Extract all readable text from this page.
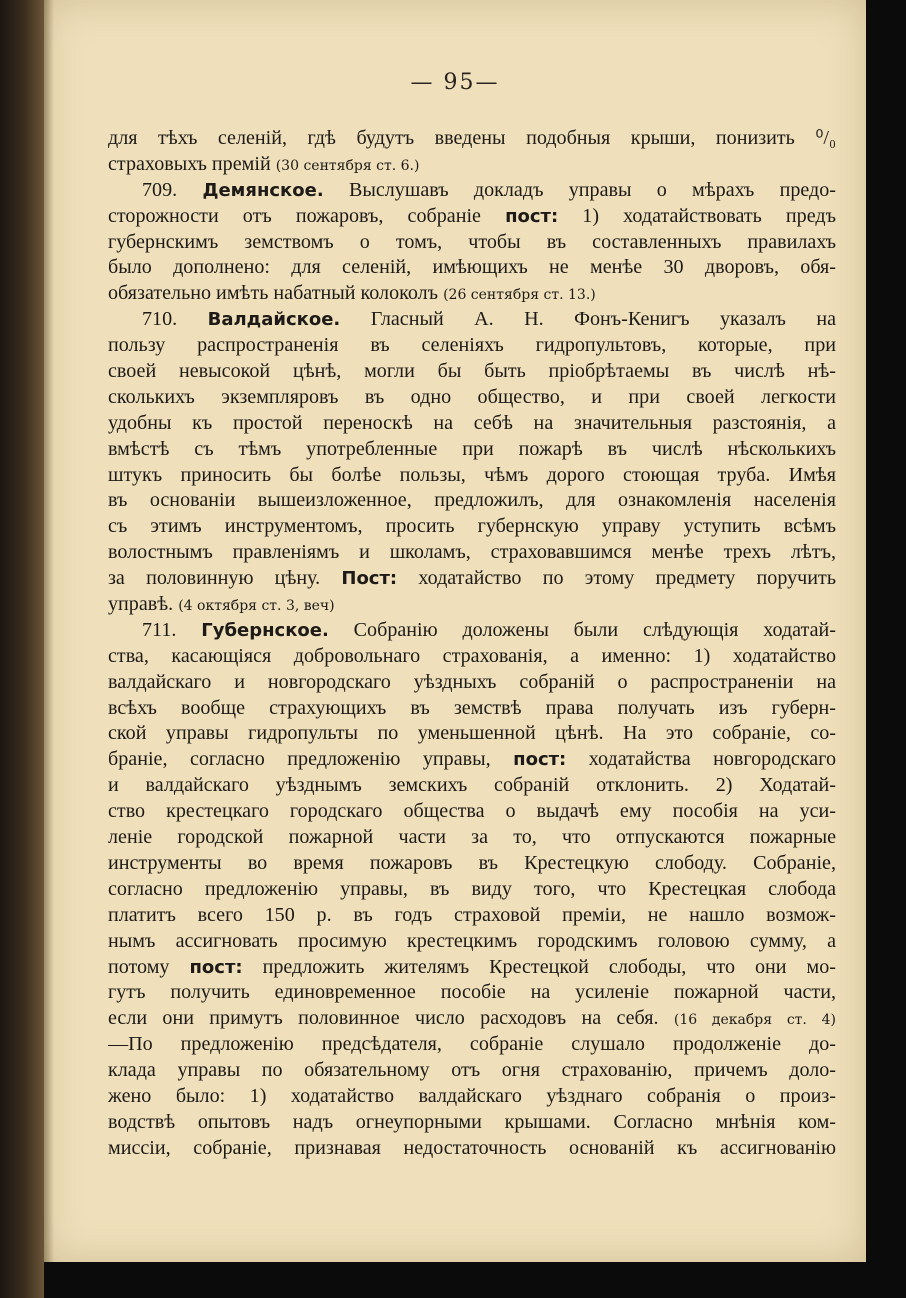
— 95—
для тѣхъ селеній, гдѣ будутъ введены подобныя крыши, понизить ⁰/₀
страховыхъ премій (30 сентября ст. 6.)
709. Демянское. Выслушавъ докладъ управы о мѣрахъ предо-
сторожности отъ пожаровъ, собраніе пост: 1) ходатайствовать предъ
губернскимъ земствомъ о томъ, чтобы въ составленныхъ правилахъ
было дополнено: для селеній, имѣющихъ не менѣе 30 дворовъ, обя-
обязательно имѣть набатный колоколъ (26 сентября ст. 13.)
710. Валдайское. Гласный А. Н. Фонъ-Кенигъ указалъ на
пользу распространенія въ селеніяхъ гидропультовъ, которые, при
своей невысокой цѣнѣ, могли бы быть пріобрѣтаемы въ числѣ нѣ-
сколькихъ экземпляровъ въ одно общество, и при своей легкости
удобны къ простой переноскѣ на себѣ на значительныя разстоянія, а
вмѣстѣ съ тѣмъ употребленные при пожарѣ въ числѣ нѣсколькихъ
штукъ приносить бы болѣе пользы, чѣмъ дорого стоющая труба. Имѣя
въ основаніи вышеизложенное, предложилъ, для ознакомленія населенія
съ этимъ инструментомъ, просить губернскую управу уступить всѣмъ
волостнымъ правленіямъ и школамъ, страховавшимся менѣе трехъ лѣтъ,
за половинную цѣну. Пост: ходатайство по этому предмету поручить
управѣ. (4 октября ст. 3, веч)
711. Губернское. Собранію доложены были слѣдующія ходатай-
ства, касающіяся добровольнаго страхованія, а именно: 1) ходатайство
валдайскаго и новгородскаго уѣздныхъ собраній о распространеніи на
всѣхъ вообще страхующихъ въ земствѣ права получать изъ губерн-
ской управы гидропульты по уменьшенной цѣнѣ. На это собраніе, со-
браніе, согласно предложенію управы, пост: ходатайства новгородскаго
и валдайскаго уѣзднымъ земскихъ собраній отклонить. 2) Ходатай-
ство крестецкаго городскаго общества о выдачѣ ему пособія на уси-
леніе городской пожарной части за то, что отпускаются пожарные
инструменты во время пожаровъ въ Крестецкую слободу. Собраніе,
согласно предложенію управы, въ виду того, что Крестецкая слобода
платитъ всего 150 р. въ годъ страховой преміи, не нашло возмож-
нымъ ассигновать просимую крестецкимъ городскимъ головою сумму, а
потому пост: предложить жителямъ Крестецкой слободы, что они мо-
гутъ получить единовременное пособіе на усиленіе пожарной части,
если они примутъ половинное число расходовъ на себя. (16 декабря ст. 4)
—По предложенію предсѣдателя, собраніе слушало продолженіе до-
клада управы по обязательному отъ огня страхованію, причемъ доло-
жено было: 1) ходатайство валдайскаго уѣзднаго собранія о произ-
водствѣ опытовъ надъ огнеупорными крышами. Согласно мнѣнія ком-
миссіи, собраніе, признавая недостаточность основаній къ ассигнованію
